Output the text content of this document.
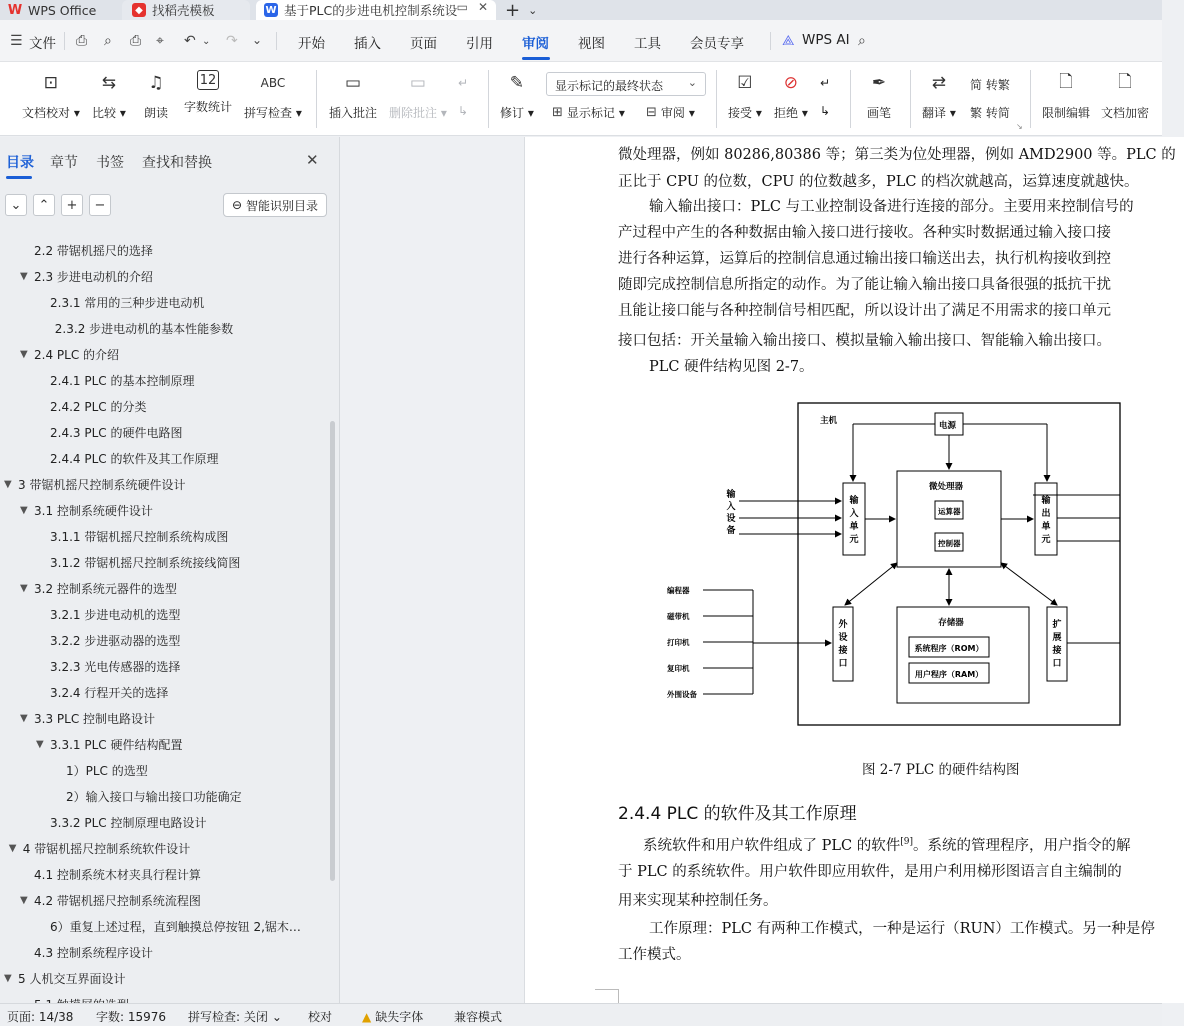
W WPS Office	◆ 找稻壳模板	W 基于PLC的步进电机控制系统设 ▭ ✕ + ⌄
☰ 文件 ⎙ ⌕ ⎙ ⌖ ↶ ⌄ ↷ ⌄	开始 插入 页面 引用 审阅 视图 工具 会员专享	⟁ WPS AI ⌕
⊡
文档校对 ▾
⇆
比较 ▾
♫
朗读
12
字数统计
ABC
拼写检查 ▾
▭
插入批注
▭
删除批注 ▾
↵
↳
✎
修订 ▾
显示标记的最终状态 ⌄
⊞ 显示标记 ▾ ⊟ 审阅 ▾
☑
接受 ▾
⊘
拒绝 ▾
↵
↳
✒
画笔
⇄
翻译 ▾
简 转繁
繁 转简
↘
🗋
限制编辑
🗋
文档加密
目录 章节 书签 查找和替换	✕
⌄ ⌃ + −	⊖ 智能识别目录
2.2 带锯机摇尺的选择
▼ 2.3 步进电动机的介绍
2.3.1 常用的三种步进电动机
2.3.2 步进电动机的基本性能参数
▼ 2.4 PLC 的介绍
2.4.1 PLC 的基本控制原理
2.4.2 PLC 的分类
2.4.3 PLC 的硬件电路图
2.4.4 PLC 的软件及其工作原理
▼ 3 带锯机摇尺控制系统硬件设计
▼ 3.1 控制系统硬件设计
3.1.1 带锯机摇尺控制系统构成图
3.1.2 带锯机摇尺控制系统接线简图
▼ 3.2 控制系统元器件的选型
3.2.1 步进电动机的选型
3.2.2 步进驱动器的选型
3.2.3 光电传感器的选择
3.2.4 行程开关的选择
▼ 3.3 PLC 控制电路设计
▼ 3.3.1 PLC 硬件结构配置
1）PLC 的选型
2）输入接口与输出接口功能确定
3.3.2 PLC 控制原理电路设计
▼ 4 带锯机摇尺控制系统软件设计
4.1 控制系统木材夹具行程计算
▼ 4.2 带锯机摇尺控制系统流程图
6）重复上述过程，直到触摸总停按钮 2,锯木…
4.3 控制系统程序设计
▼ 5 人机交互界面设计
微处理器，例如 80286,80386 等；第三类为位处理器，例如 AMD2900 等。PLC 的
正比于 CPU 的位数，CPU 的位数越多，PLC 的档次就越高，运算速度就越快。
输入输出接口：PLC 与工业控制设备进行连接的部分。主要用来控制信号的
产过程中产生的各种数据由输入接口进行接收。各种实时数据通过输入接口接
进行各种运算，运算后的控制信息通过输出接口输送出去，执行机构接收到控
随即完成控制信息所指定的动作。为了能让输入输出接口具备很强的抵抗干扰
且能让接口能与各种控制信号相匹配，所以设计出了满足不用需求的接口单元
接口包括：开关量输入输出接口、模拟量输入输出接口、智能输入输出接口。
PLC 硬件结构见图 2-7。
主机	电源
微处理器
运算器
控制器
输入单元
输入设备
输出单元
存储器
系统程序（ROM）
用户程序（RAM）
外设接口
扩展接口
编程器
磁带机
打印机
复印机
外围设备
图 2-7 PLC 的硬件结构图
2.4.4 PLC 的软件及其工作原理
系统软件和用户软件组成了 PLC 的软件[9]。系统的管理程序，用户指令的解
于 PLC 的系统软件。用户软件即应用软件，是用户利用梯形图语言自主编制的
用来实现某种控制任务。
工作原理：PLC 有两种工作模式，一种是运行（RUN）工作模式。另一种是停
工作模式。
页面: 14/38 字数: 15976 拼写检查: 关闭 ⌄ 校对 ▲ 缺失字体	兼容模式
